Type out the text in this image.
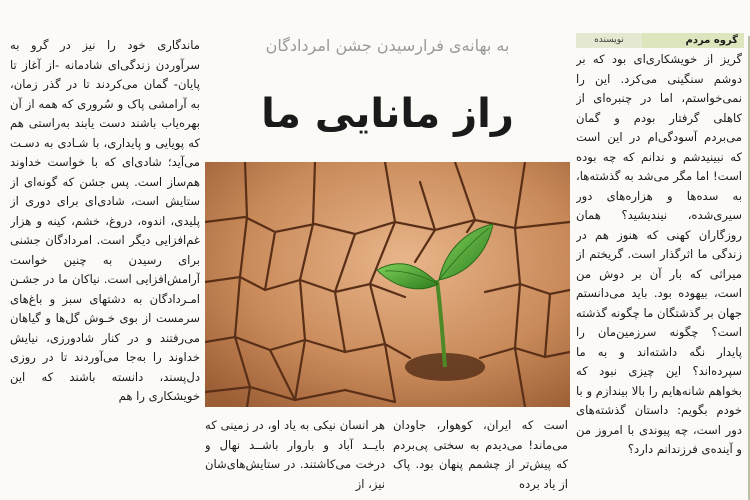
نویسنده	گروه مردم
به بهانه‌ی فرارسیدن جشن امردادگان
راز مانایی ما

گریز از خویشکاری‌ای بود که بر دوشم سنگینی می‌کرد. این را نمی‌خواستم، اما در چنبره‌ای از کاهلی گرفتار بودم و گمان می‌بردم آسودگی‌ام در این است که نبینیدشم و ندانم که چه بوده است! اما مگر می‌شد به گذشته‌ها، به سده‌ها و هزاره‌های دور سیری‌شده، نیندیشید؟ همان روزگاران کهنی که هنوز هم در زندگی ما اثرگذار است. گریختم از میراثی که بار آن بر دوش من است، بیهوده بود. باید می‌دانستم جهان بر گذشتگان ما چگونه گذشته است؟ چگونه سرزمین‌مان را پایدار نگه داشته‌اند و به ما سپرده‌اند؟ این چیزی نبود که بخواهم شانه‌هایم را بالا بیندازم و با خودم بگویم: داستان گذشته‌های دور است، چه پیوندی با امروز من و آینده‌ی فرزندانم دارد؟

است که ایران، کوهوار، جاودان می‌ماند! می‌دیدم به سختی پی‌بردم که پیش‌تر از چشمم پنهان بود. پاک از یاد برده

هر انسان نیکی به یاد او، در زمینی که بایــد آباد و باروار باشــد نهال و درخت می‌کاشتند. در ستایش‌های‌شان نیز، از

ماندگاری خود را نیز در گرو به سرآوردن زندگی‌ای شادمانه -از آغاز تا پایان- گمان می‌کردند تا در گذر زمان، به آرامشی پاک و سُروری که همه از آن بهره‌یاب باشند دست یابند به‌راستی هم که پویایی و پایداری، با شـادی به دسـت می‌آید؛ شادی‌ای که با خواست خداوند هم‌ساز است. پس جشن که گونه‌ای از ستایش است، شادی‌ای برای دوری از پلیدی، اندوه، دروغ، خشم، کینه و هزار غم‌افزایی دیگر است. امردادگان جشنی برای رسیدن به چنین خواست آرامش‌افزایی است. نیاکان ما در جشـن امـردادگان به دشتهای سبز و باغ‌های سرمست از بوی خـوش گل‌ها و گیاهان می‌رفتند و در کنار شادورزی، نیایش خداوند را به‌جا می‌آوردند تا در روزی دل‌پسند، دانسته باشند که این خویشکاری را هم
